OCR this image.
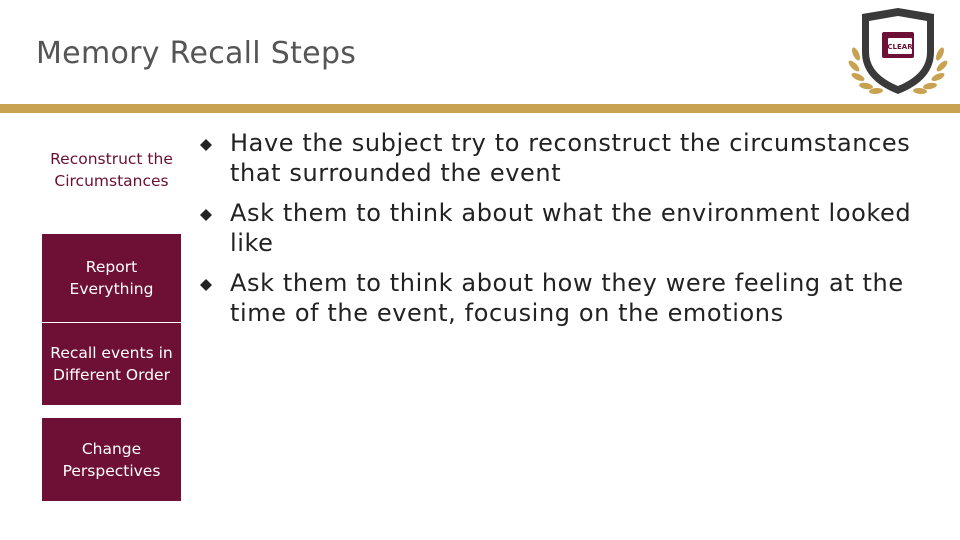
Memory Recall Steps	CLEAR
Reconstruct the Circumstances
Report Everything
Recall events in Different Order
Change Perspectives
Have the subject try to reconstruct the circumstances that surrounded the event
Ask them to think about what the environment looked like
Ask them to think about how they were feeling at the time of the event, focusing on the emotions
